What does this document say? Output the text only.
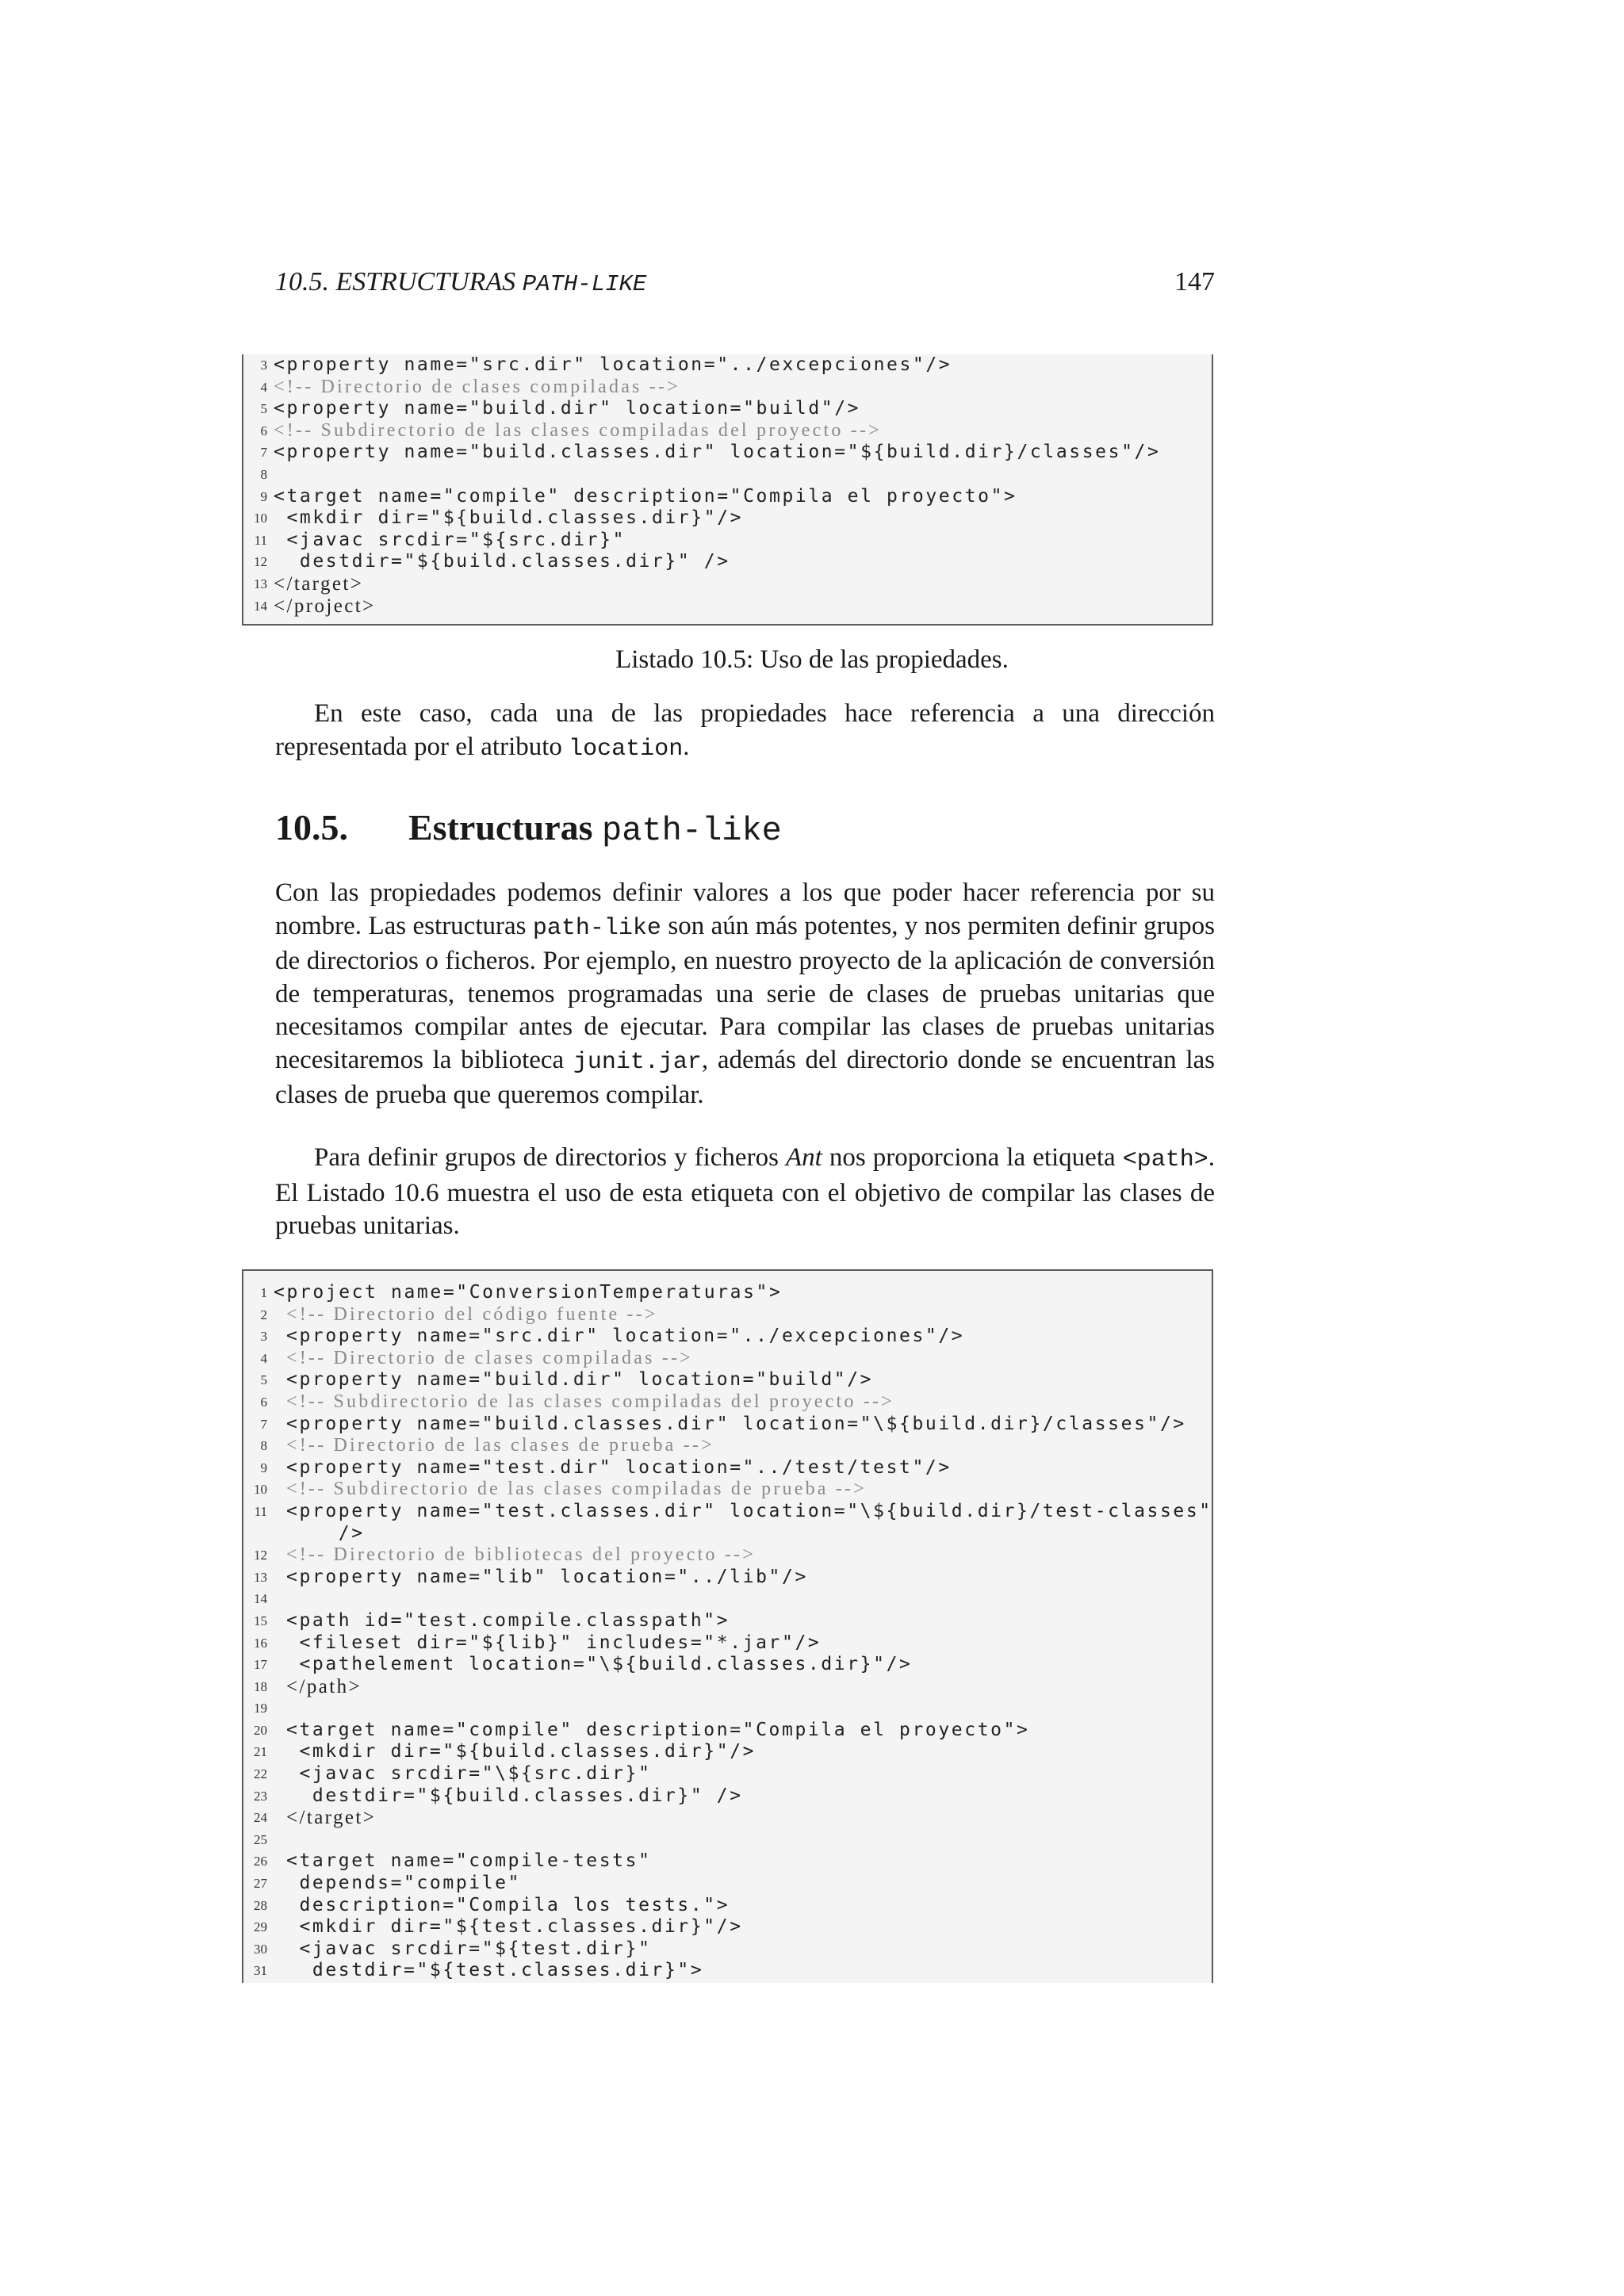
10.5. ESTRUCTURAS PATH-LIKE	147
3 <property name="src.dir" location="../excepciones"/>
4 <!-- Directorio de clases compiladas -->
5 <property name="build.dir" location="build"/>
6 <!-- Subdirectorio de las clases compiladas del proyecto -->
7 <property name="build.classes.dir" location="${build.dir}/classes"/>
8
9 <target name="compile" description="Compila el proyecto">
10 <mkdir dir="${build.classes.dir}"/>
11 <javac srcdir="${src.dir}"
12 destdir="${build.classes.dir}" />
13 </target>
14 </project>
Listado 10.5: Uso de las propiedades.
En este caso, cada una de las propiedades hace referencia a una dirección representada por el atributo location.
10.5. Estructuras path-like
Con las propiedades podemos definir valores a los que poder hacer referencia por su nombre. Las estructuras path-like son aún más potentes, y nos permiten definir grupos de directorios o ficheros. Por ejemplo, en nuestro proyecto de la aplicación de conversión de temperaturas, tenemos programadas una serie de clases de pruebas unitarias que necesitamos compilar antes de ejecutar. Para compilar las clases de pruebas unitarias necesitaremos la biblioteca junit.jar, además del directorio donde se encuentran las clases de prueba que queremos compilar.
Para definir grupos de directorios y ficheros Ant nos proporciona la etiqueta <path>. El Listado 10.6 muestra el uso de esta etiqueta con el objetivo de compilar las clases de pruebas unitarias.
1 <project name="ConversionTemperaturas">
2 <!-- Directorio del código fuente -->
3 <property name="src.dir" location="../excepciones"/>
4 <!-- Directorio de clases compiladas -->
5 <property name="build.dir" location="build"/>
6 <!-- Subdirectorio de las clases compiladas del proyecto -->
7 <property name="build.classes.dir" location="\${build.dir}/classes"/>
8 <!-- Directorio de las clases de prueba -->
9 <property name="test.dir" location="../test/test"/>
10 <!-- Subdirectorio de las clases compiladas de prueba -->
11 <property name="test.classes.dir" location="\${build.dir}/test-classes"
/>
12 <!-- Directorio de bibliotecas del proyecto -->
13 <property name="lib" location="../lib"/>
14
15 <path id="test.compile.classpath">
16 <fileset dir="${lib}" includes="*.jar"/>
17 <pathelement location="\${build.classes.dir}"/>
18 </path>
19
20 <target name="compile" description="Compila el proyecto">
21 <mkdir dir="${build.classes.dir}"/>
22 <javac srcdir="\${src.dir}"
23 destdir="${build.classes.dir}" />
24 </target>
25
26 <target name="compile-tests"
27 depends="compile"
28 description="Compila los tests.">
29 <mkdir dir="${test.classes.dir}"/>
30 <javac srcdir="${test.dir}"
31 destdir="${test.classes.dir}">
